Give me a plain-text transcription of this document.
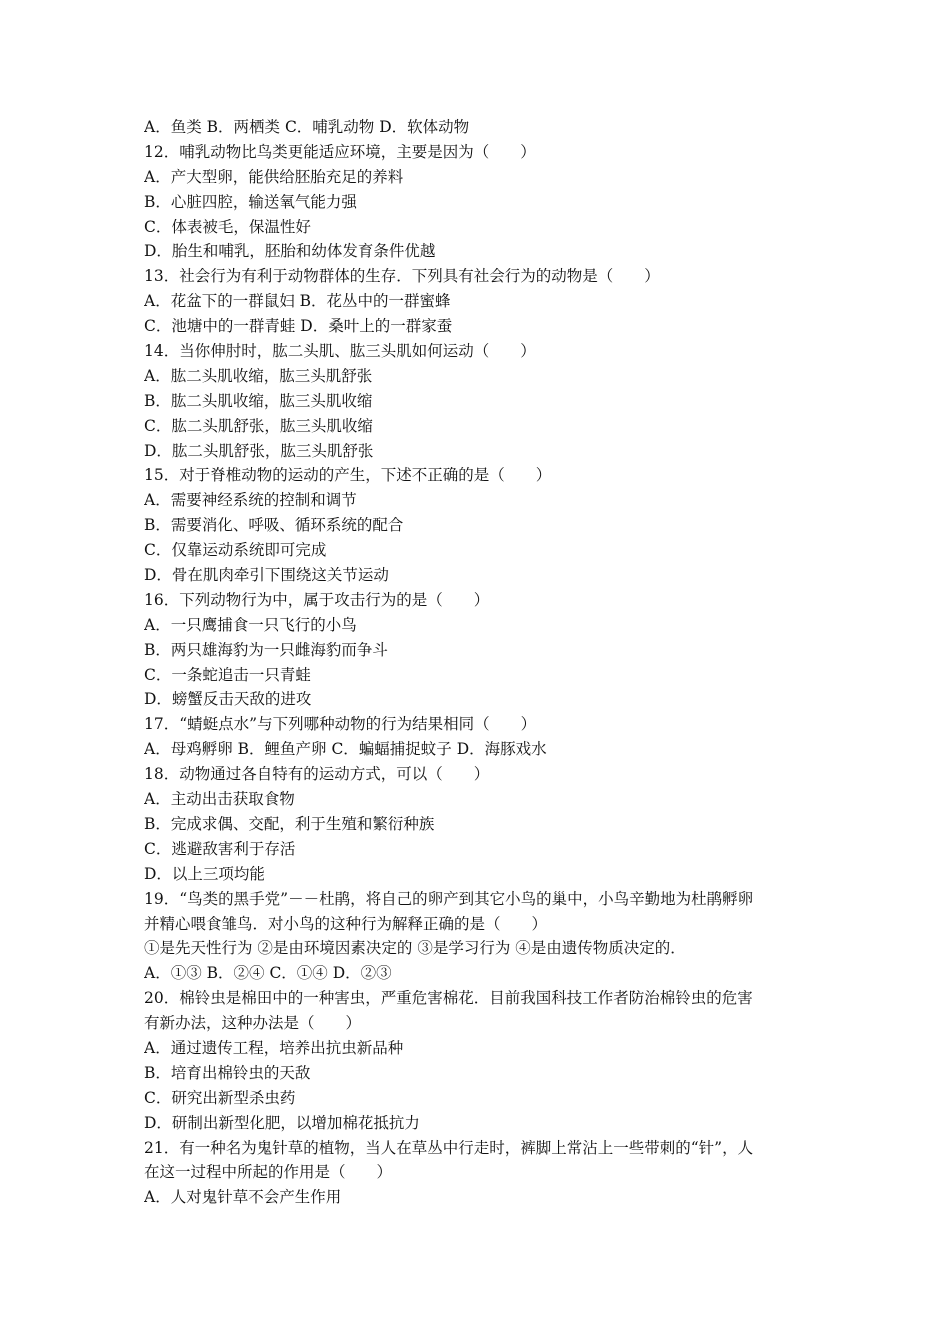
A．鱼类 B．两栖类 C．哺乳动物 D．软体动物
12．哺乳动物比鸟类更能适应环境，主要是因为（　　）
A．产大型卵，能供给胚胎充足的养料
B．心脏四腔，输送氧气能力强
C．体表被毛，保温性好
D．胎生和哺乳，胚胎和幼体发育条件优越
13．社会行为有利于动物群体的生存．下列具有社会行为的动物是（　　）
A．花盆下的一群鼠妇 B．花丛中的一群蜜蜂
C．池塘中的一群青蛙 D．桑叶上的一群家蚕
14．当你伸肘时，肱二头肌、肱三头肌如何运动（　　）
A．肱二头肌收缩，肱三头肌舒张
B．肱二头肌收缩，肱三头肌收缩
C．肱二头肌舒张，肱三头肌收缩
D．肱二头肌舒张，肱三头肌舒张
15．对于脊椎动物的运动的产生，下述不正确的是（　　）
A．需要神经系统的控制和调节
B．需要消化、呼吸、循环系统的配合
C．仅靠运动系统即可完成
D．骨在肌肉牵引下围绕这关节运动
16．下列动物行为中，属于攻击行为的是（　　）
A．一只鹰捕食一只飞行的小鸟
B．两只雄海豹为一只雌海豹而争斗
C．一条蛇追击一只青蛙
D．螃蟹反击天敌的进攻
17．“蜻蜓点水”与下列哪种动物的行为结果相同（　　）
A．母鸡孵卵 B．鲤鱼产卵 C．蝙蝠捕捉蚊子 D．海豚戏水
18．动物通过各自特有的运动方式，可以（　　）
A．主动出击获取食物
B．完成求偶、交配，利于生殖和繁衍种族
C．逃避敌害利于存活
D．以上三项均能
19．“鸟类的黑手党”－－杜鹃，将自己的卵产到其它小鸟的巢中，小鸟辛勤地为杜鹃孵卵
并精心喂食雏鸟．对小鸟的这种行为解释正确的是（　　）
①是先天性行为 ②是由环境因素决定的 ③是学习行为 ④是由遗传物质决定的．
A．①③ B．②④ C．①④ D．②③
20．棉铃虫是棉田中的一种害虫，严重危害棉花．目前我国科技工作者防治棉铃虫的危害
有新办法，这种办法是（　　）
A．通过遗传工程，培养出抗虫新品种
B．培育出棉铃虫的天敌
C．研究出新型杀虫药
D．研制出新型化肥，以增加棉花抵抗力
21．有一种名为鬼针草的植物，当人在草丛中行走时，裤脚上常沾上一些带刺的“针”，人
在这一过程中所起的作用是（　　）
A．人对鬼针草不会产生作用
